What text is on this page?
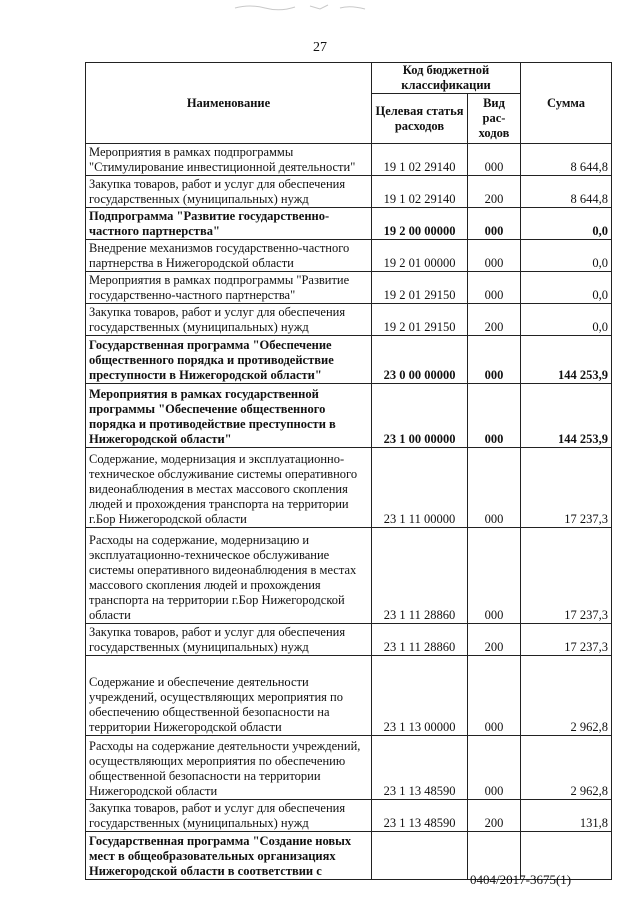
27
Наименование	Код бюджетной классификации		Сумма
	Целевая статья расходов	Вид рас-ходов	
Мероприятия в рамках подпрограммы "Стимулирование инвестиционной деятельности"	19 1 02 29140	000	8 644,8
Закупка товаров, работ и услуг для обеспечения государственных (муниципальных) нужд	19 1 02 29140	200	8 644,8
Подпрограмма "Развитие государственно-частного партнерства"	19 2 00 00000	000	0,0
Внедрение механизмов государственно-частного партнерства в Нижегородской области	19 2 01 00000	000	0,0
Мероприятия в рамках подпрограммы "Развитие государственно-частного партнерства"	19 2 01 29150	000	0,0
Закупка товаров, работ и услуг для обеспечения государственных (муниципальных) нужд	19 2 01 29150	200	0,0
Государственная программа "Обеспечение общественного порядка и противодействие преступности в Нижегородской области"	23 0 00 00000	000	144 253,9
Мероприятия в рамках государственной программы "Обеспечение общественного порядка и противодействие преступности в Нижегородской области"	23 1 00 00000	000	144 253,9
Содержание, модернизация и эксплуатационно-техническое обслуживание системы оперативного видеонаблюдения в местах массового скопления людей и прохождения транспорта на территории г.Бор Нижегородской области	23 1 11 00000	000	17 237,3
Расходы на содержание, модернизацию и эксплуатационно-техническое обслуживание системы оперативного видеонаблюдения в местах массового скопления людей и прохождения транспорта на территории г.Бор Нижегородской области	23 1 11 28860	000	17 237,3
Закупка товаров, работ и услуг для обеспечения государственных (муниципальных) нужд	23 1 11 28860	200	17 237,3
Содержание и обеспечение деятельности учреждений, осуществляющих мероприятия по обеспечению общественной безопасности на территории Нижегородской области	23 1 13 00000	000	2 962,8
Расходы на содержание деятельности учреждений, осуществляющих мероприятия по обеспечению общественной безопасности на территории Нижегородской области	23 1 13 48590	000	2 962,8
Закупка товаров, работ и услуг для обеспечения государственных (муниципальных) нужд	23 1 13 48590	200	131,8
Государственная программа "Создание новых мест в общеобразовательных организациях Нижегородской области в соответствии с			
0404/2017-3675(1)
